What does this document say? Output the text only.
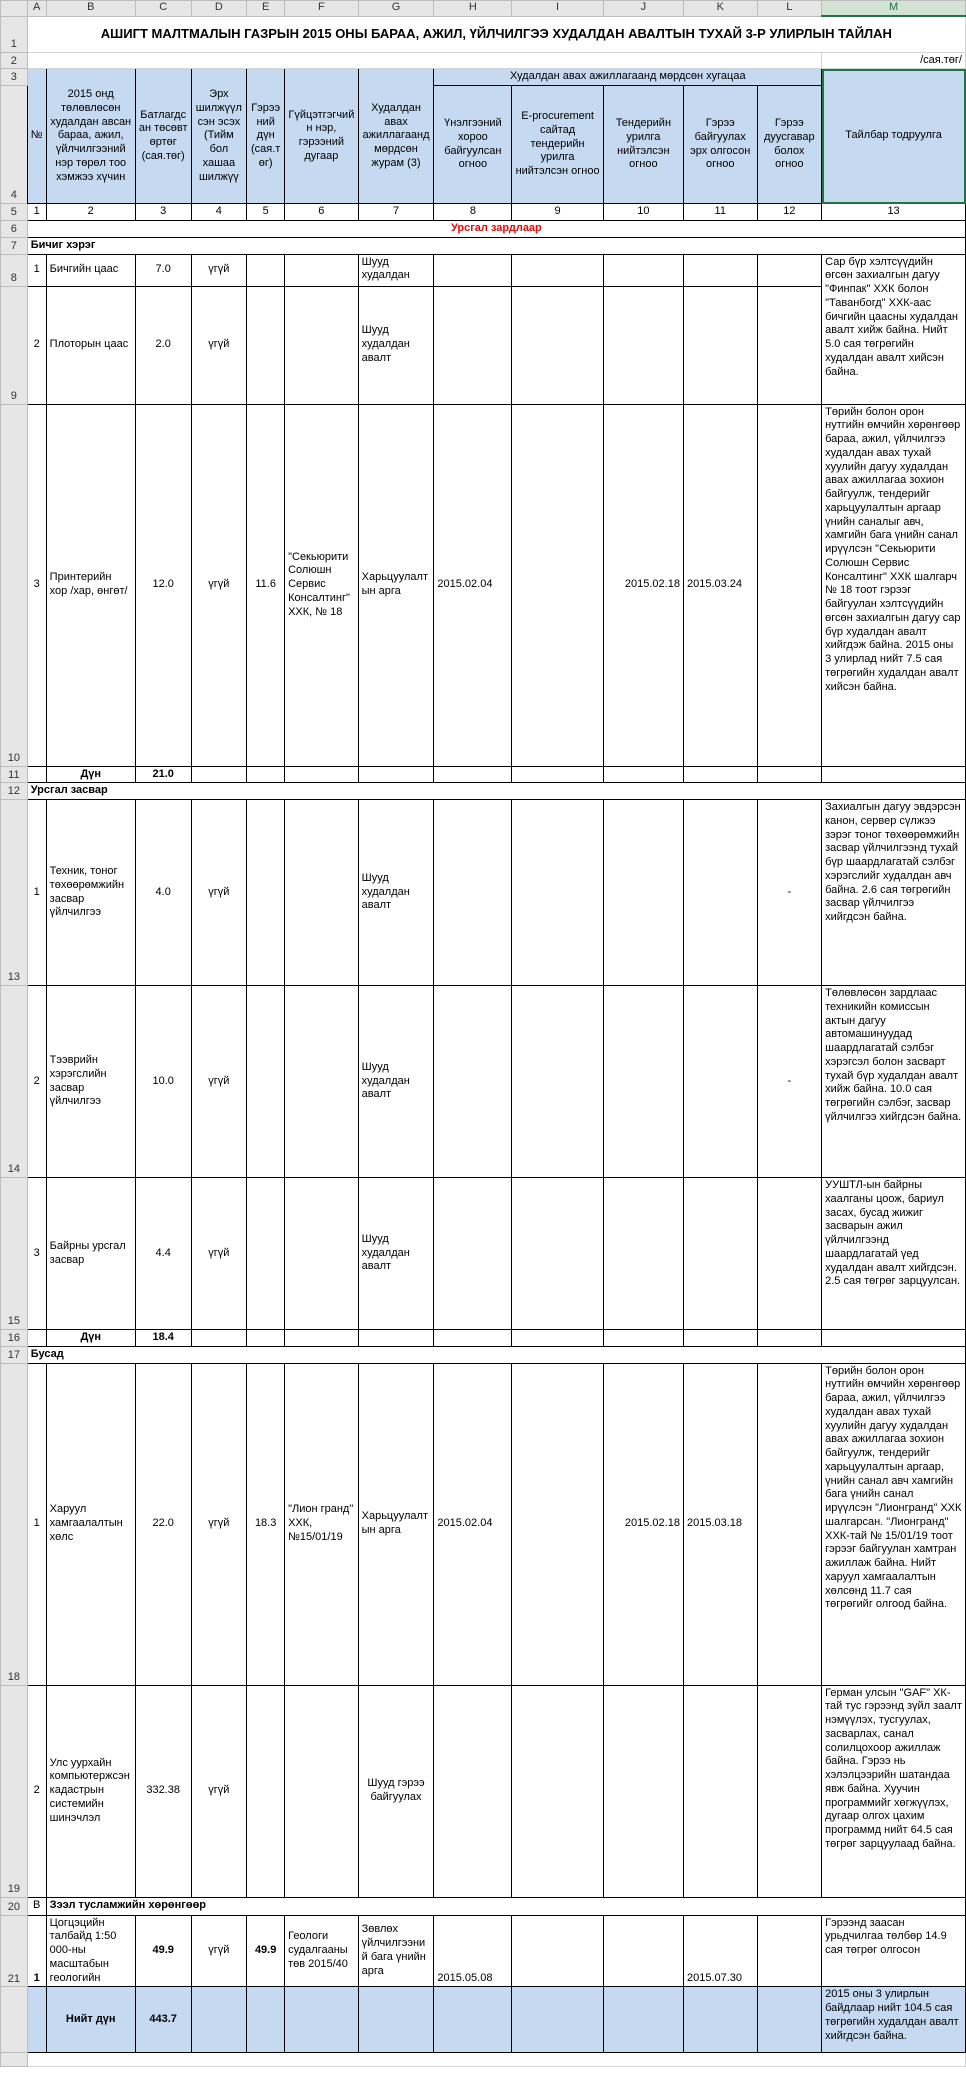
	A	B	C	D	E	F	G	H	I	J	K	L	M
1	АШИГТ МАЛТМАЛЫН ГАЗРЫН 2015 ОНЫ БАРАА, АЖИЛ, ҮЙЛЧИЛГЭЭ ХУДАЛДАН АВАЛТЫН ТУХАЙ 3-Р УЛИРЛЫН ТАЙЛАН												
2													/сая.төг/
3	№	2015 онд төлөвлөсөн худалдан авсан бараа, ажил, үйлчилгээний нэр төрөл тоо хэмжээ хүчин	Батлагдсан төсөвт өртөг (сая.төг)	Эрх шилжүүлсэн эсэх (Тийм бол хашаа шилжүү	Гэрээний дүн (сая.төг)	Гүйцэтгэгчийн нэр, гэрээний дугаар	Худалдан авах ажиллагаанд мөрдсөн журам (3)	Худалдан авах ажиллагаанд мөрдсөн хугацаа					Тайлбар тодруулга
4								Үнэлгээний хороо байгуулсан огноо	E-procurement сайтад тендерийн урилга нийтэлсэн огноо	Тендерийн урилга нийтэлсэн огноо	Гэрээ байгуулах эрх олгосон огноо	Гэрээ дуусгавар болох огноо	
5	1	2	3	4	5	6	7	8	9	10	11	12	13
6	Урсгал зардлаар												
7	Бичиг хэрэг												
8	1	Бичгийн цаас	7.0	үгүй			Шууд худалдан						Сар бүр хэлтсүүдийн өгсөн захиалгын дагуу "Финпак" ХХК болон "Таванбогд" ХХК-аас бичгийн цаасны худалдан авалт хийж байна. Нийт 5.0 сая төгрөгийн худалдан авалт хийсэн байна.
9	2	Плоторын цаас	2.0	үгүй			Шууд худалдан авалт						
10	3	Принтерийн хор /хар, өнгөт/	12.0	үгүй	11.6	"Секьюрити Солюшн Сервис Консалтинг" ХХК, № 18	Харьцуулалтын арга	2015.02.04		2015.02.18	2015.03.24		Төрийн болон орон нутгийн өмчийн хөрөнгөөр бараа, ажил, үйлчилгээ худалдан авах тухай хуулийн дагуу худалдан авах ажиллагаа зохион байгуулж, тендерийг харьцуулалтын аргаар үнийн саналыг авч, хамгийн бага үнийн санал ирүүлсэн "Секьюрити Солюшн Сервис Консалтинг" ХХК шалгарч № 18 тоот гэрээг байгуулан хэлтсүүдийн өгсөн захиалгын дагуу сар бүр худалдан авалт хийгдэж байна. 2015 оны 3 улирлад нийт 7.5 сая төгрөгийн худалдан авалт хийсэн байна.
11		Дүн	21.0										
12	Урсгал засвар												
13	1	Техник, тоног төхөөрөмжийн засвар үйлчилгээ	4.0	үгүй			Шууд худалдан авалт					-	Захиалгын дагуу эвдэрсэн канон, сервер сүлжээ зэрэг тоног төхөөрөмжийн засвар үйлчилгээнд тухай бүр шаардлагатай сэлбэг хэрэгслийг худалдан авч байна. 2.6 сая төгрөгийн засвар үйлчилгээ хийгдсэн байна.
14	2	Тээврийн хэрэгслийн засвар үйлчилгээ	10.0	үгүй			Шууд худалдан авалт					-	Төлөвлөсөн зардлаас техникийн комиссын актын дагуу автомашинуудад шаардлагатай сэлбэг хэрэгсэл болон засварт тухай бүр худалдан авалт хийж байна. 10.0 сая төгрөгийн сэлбэг, засвар үйлчилгээ хийгдсэн байна.
15	3	Байрны урсгал засвар	4.4	үгүй			Шууд худалдан авалт						УУШТЛ-ын байрны хаалганы цоож, бариул засах, бусад жижиг засварын ажил үйлчилгээнд шаардлагатай үед худалдан авалт хийгдсэн. 2.5 сая төгрөг зарцуулсан.
16		Дүн	18.4										
17	Бусад												
18	1	Харуул хамгаалалтын хөлс	22.0	үгүй	18.3	"Лион гранд" ХХК, №15/01/19	Харьцуулалтын арга	2015.02.04		2015.02.18	2015.03.18		Төрийн болон орон нутгийн өмчийн хөрөнгөөр бараа, ажил, үйлчилгээ худалдан авах тухай хуулийн дагуу худалдан авах ажиллагаа зохион байгуулж, тендерийг харьцуулалтын аргаар, үнийн санал авч хамгийн бага үнийн санал ирүүлсэн "Лионгранд" ХХК шалгарсан. "Лионгранд" ХХК-тай № 15/01/19 тоот гэрээг байгуулан хамтран ажиллаж байна. Нийт харуул хамгаалалтын хөлсөнд 11.7 сая төгрөгийг олгоод байна.
19	2	Улс уурхайн компьютержсэн кадастрын системийн шинэчлэл	332.38	үгүй			Шууд гэрээ байгуулах						Герман улсын "GAF" ХК-тай тус гэрээнд зүйл заалт нэмүүлэх, тусгуулах, засварлах, санал солилцохоор ажиллаж байна. Гэрээ нь хэлэлцээрийн шатандаа явж байна. Хуучин программийг хөгжүүлэх, дугаар олгох цахим программд нийт 64.5 сая төгрөг зарцуулаад байна.
20	В	Зээл тусламжийн хөрөнгөөр											
21	1	Цогцэцийн талбайд 1:50 000-ны масштабын геологийн	49.9	үгүй	49.9	Геологи судалгааны төв 2015/40	Зөвлөх үйлчилгээний бага үнийн арга	2015.05.08			2015.07.30		Гэрээнд заасан урьдчилгаа төлбөр 14.9 сая төгрөг олгосон
		Нийт дүн	443.7										2015 оны 3 улирлын байдлаар нийт 104.5 сая төгрөгийн худалдан авалт хийгдсэн байна.
